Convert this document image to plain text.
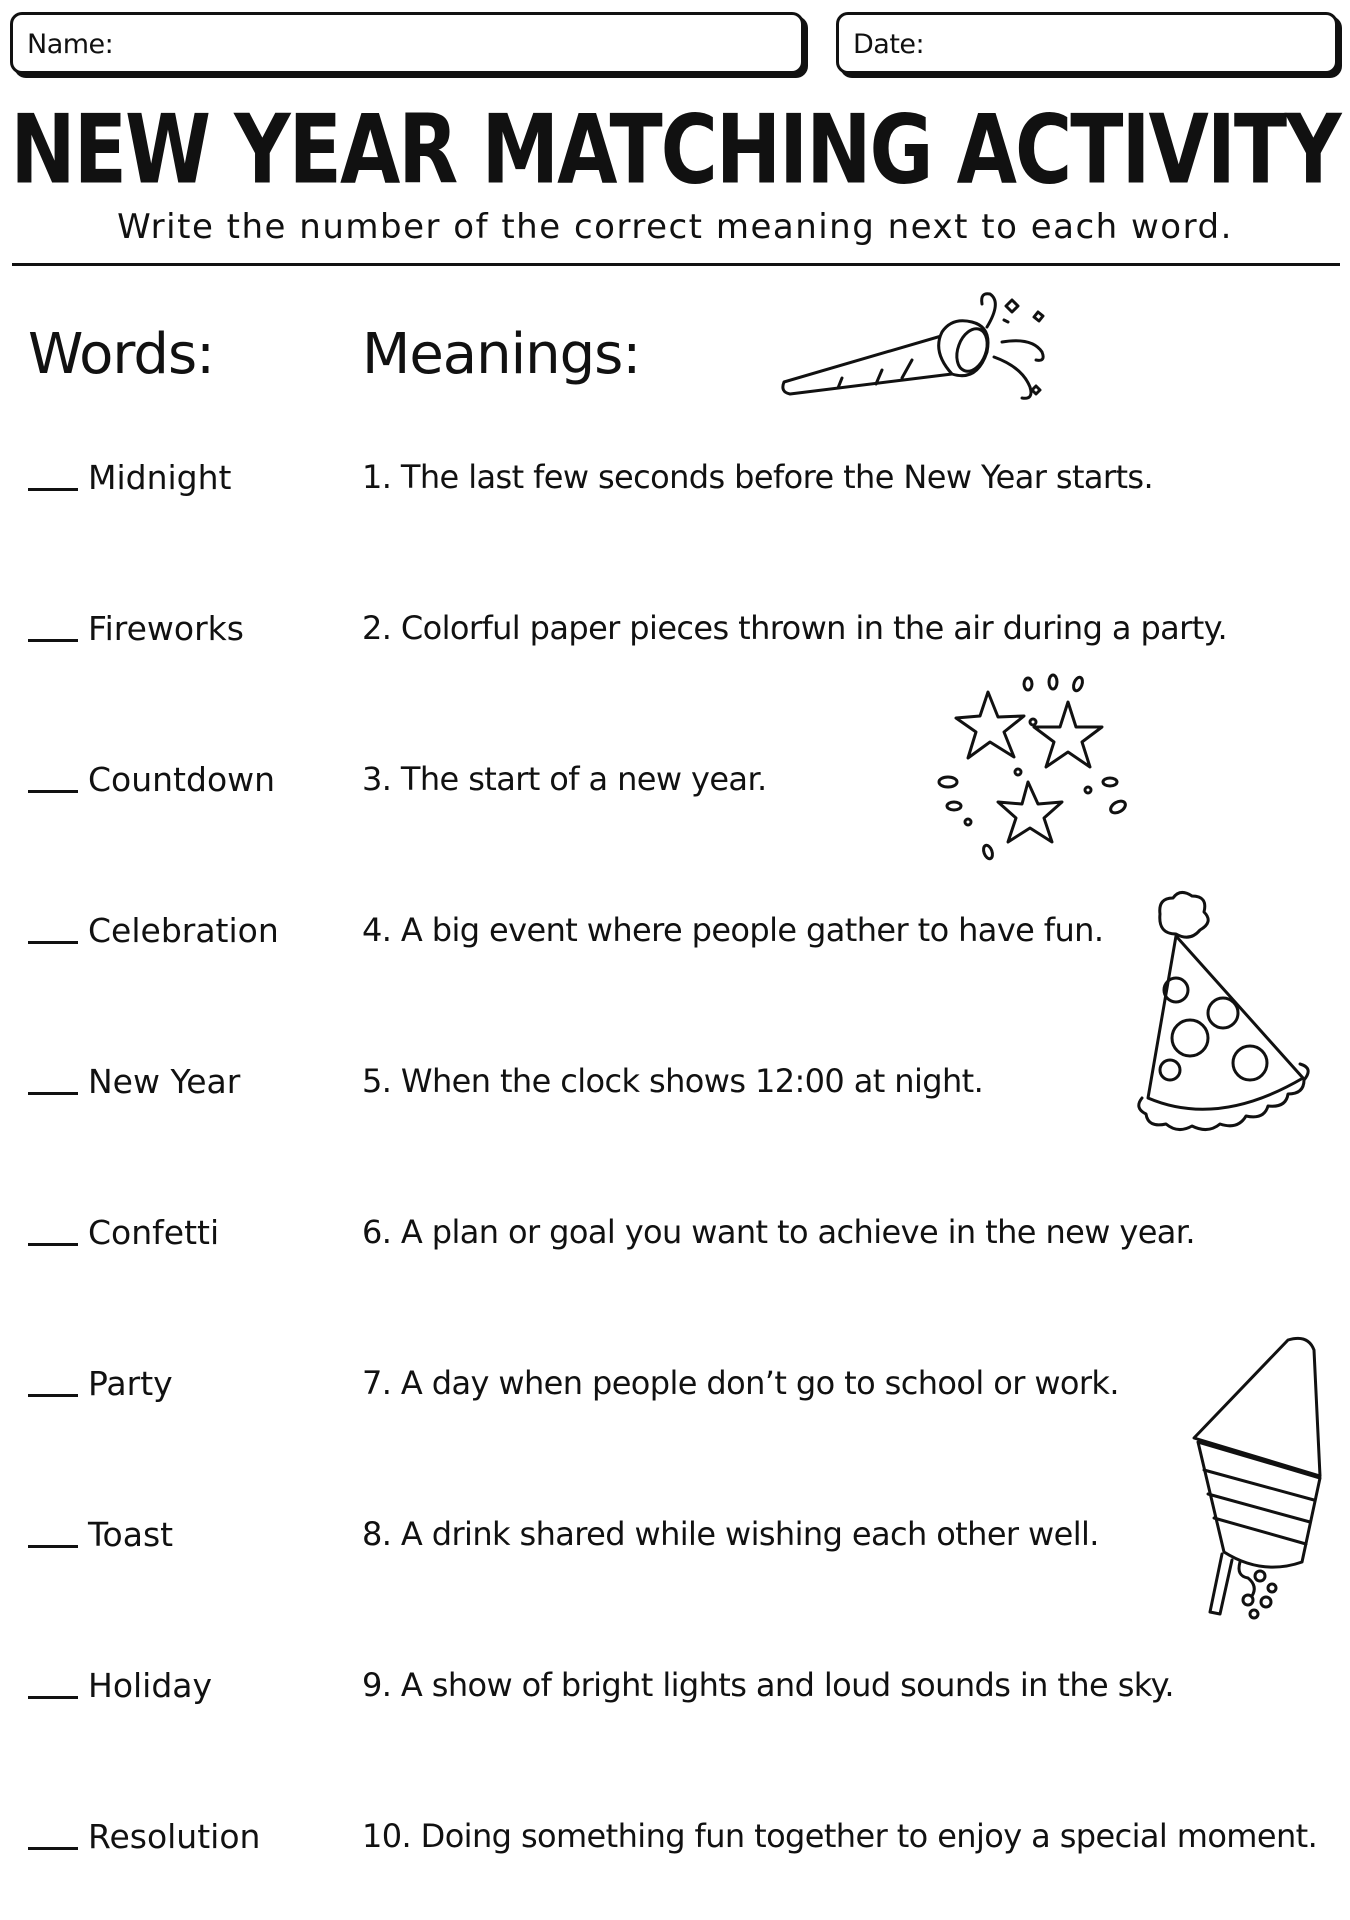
Name:	Date:
NEW YEAR MATCHING ACTIVITY
Write the number of the correct meaning next to each word.
Words:	Meanings:
Midnight	1. The last few seconds before the New Year starts.
Fireworks	2. Colorful paper pieces thrown in the air during a party.
Countdown	3. The start of a new year.
Celebration	4. A big event where people gather to have fun.
New Year	5. When the clock shows 12:00 at night.
Confetti	6. A plan or goal you want to achieve in the new year.
Party	7. A day when people don’t go to school or work.
Toast	8. A drink shared while wishing each other well.
Holiday	9. A show of bright lights and loud sounds in the sky.
Resolution	10. Doing something fun together to enjoy a special moment.
